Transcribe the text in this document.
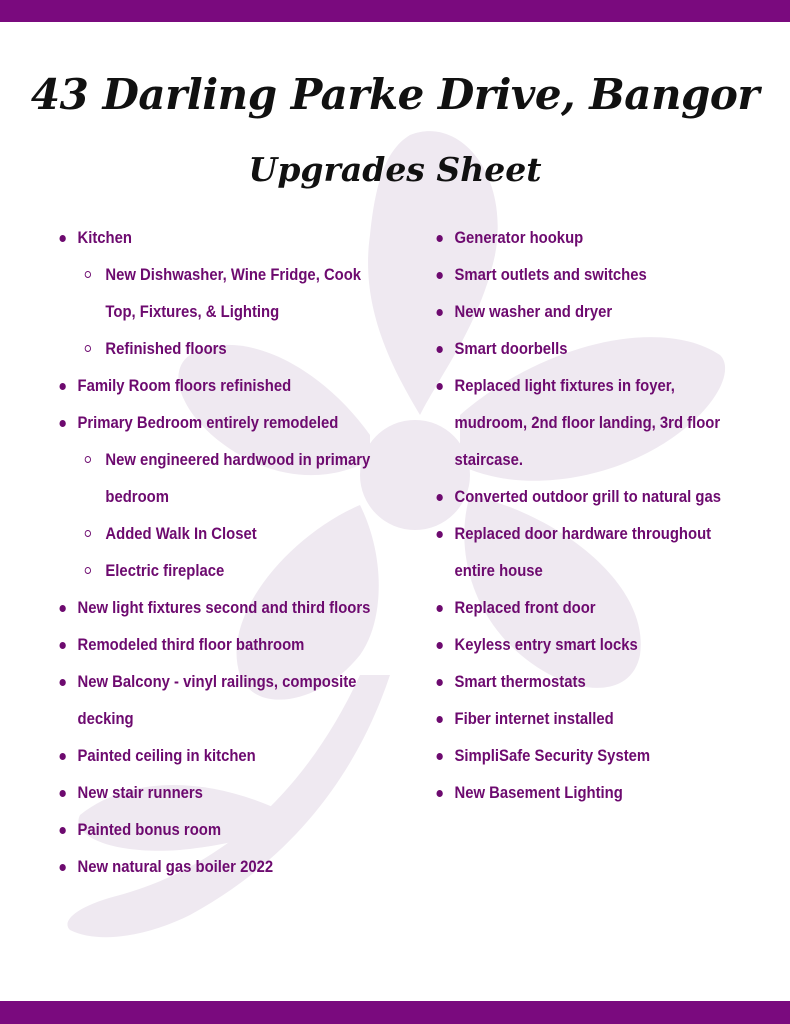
43 Darling Parke Drive, Bangor
Upgrades Sheet
Kitchen
New Dishwasher, Wine Fridge, Cook
Top, Fixtures, & Lighting
Refinished floors
Family Room floors refinished
Primary Bedroom entirely remodeled
New engineered hardwood in primary
bedroom
Added Walk In Closet
Electric fireplace
New light fixtures second and third floors
Remodeled third floor bathroom
New Balcony - vinyl railings, composite
decking
Painted ceiling in kitchen
New stair runners
Painted bonus room
New natural gas boiler 2022
Generator hookup
Smart outlets and switches
New washer and dryer
Smart doorbells
Replaced light fixtures in foyer,
mudroom, 2nd floor landing, 3rd floor
staircase.
Converted outdoor grill to natural gas
Replaced door hardware throughout
entire house
Replaced front door
Keyless entry smart locks
Smart thermostats
Fiber internet installed
SimpliSafe Security System
New Basement Lighting
